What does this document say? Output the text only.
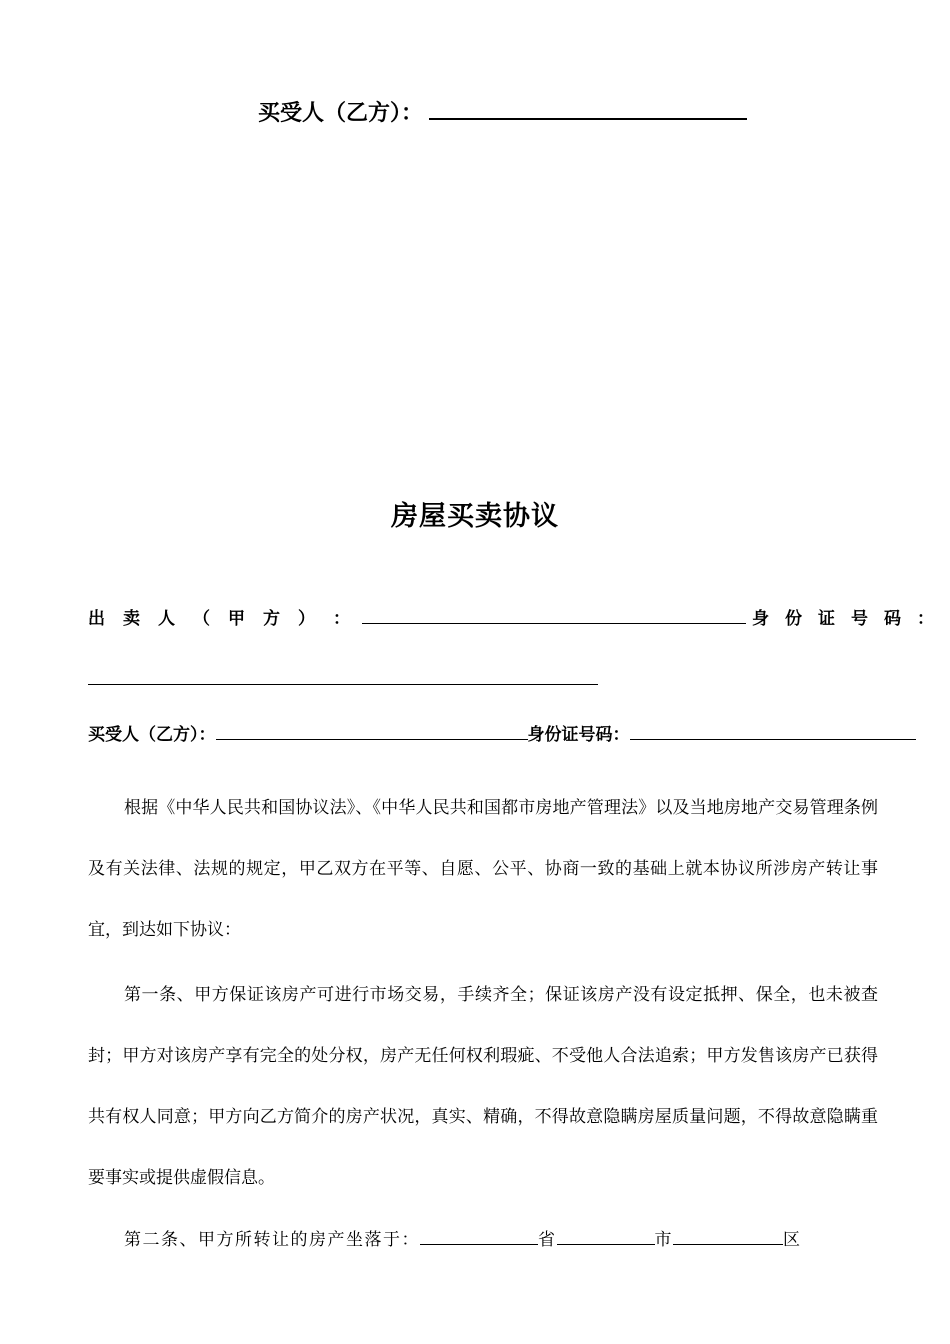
买受人（乙方）：
房屋买卖协议
出卖人（甲方） ：	身份证号码：
买受人（乙方）：	身份证号码：
根据《中华人民共和国协议法》、《中华人民共和国都市房地产管理法》以及当地房地产交易管理条例及有关法律、法规的规定，甲乙双方在平等、自愿、公平、协商一致的基础上就本协议所涉房产转让事宜，到达如下协议：
第一条、甲方保证该房产可进行市场交易，手续齐全；保证该房产没有设定抵押、保全，也未被查封；甲方对该房产享有完全的处分权，房产无任何权利瑕疵、不受他人合法追索；甲方发售该房产已获得共有权人同意；甲方向乙方简介的房产状况，真实、精确，不得故意隐瞒房屋质量问题，不得故意隐瞒重要事实或提供虚假信息。
第二条、甲方所转让的房产坐落于：	省	市	区
